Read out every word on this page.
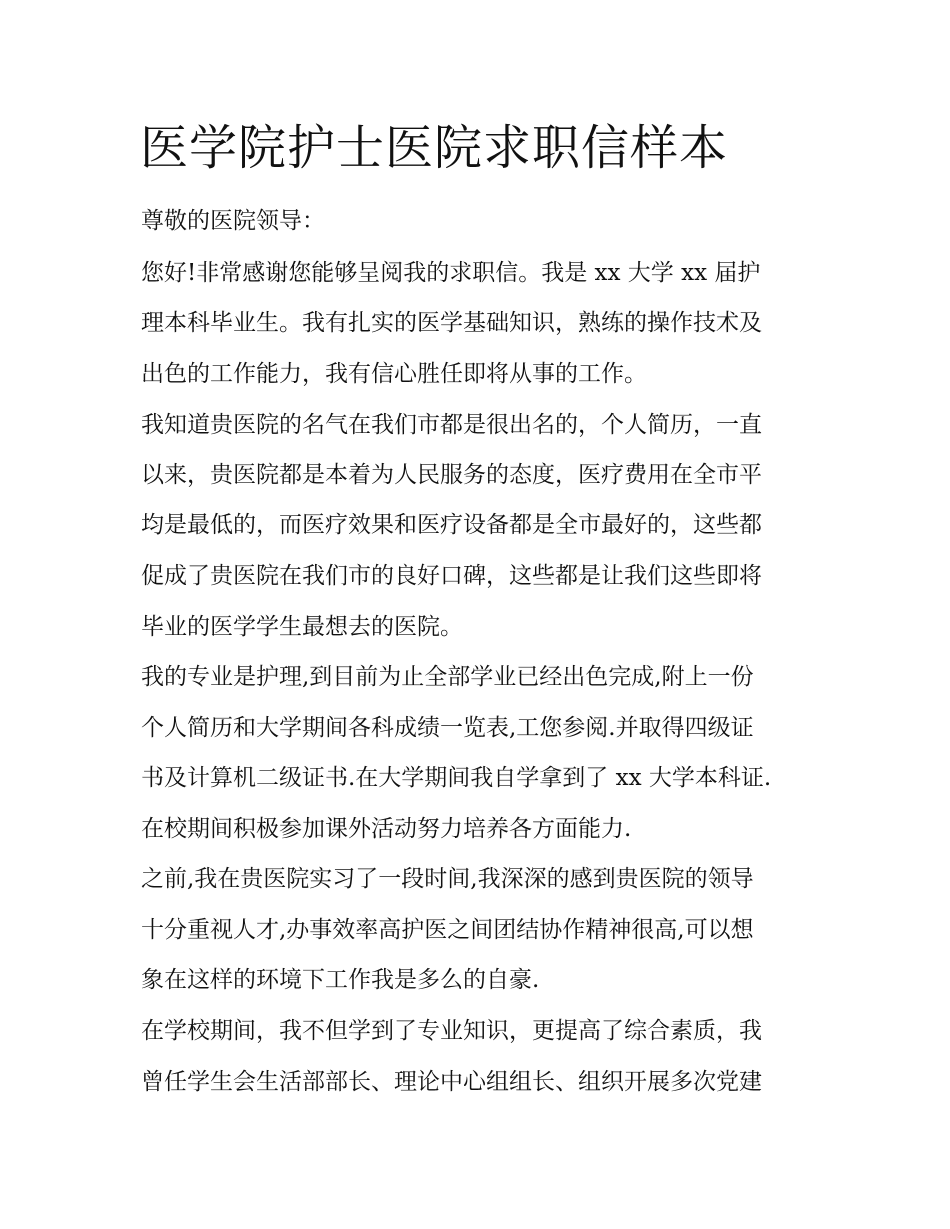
医学院护士医院求职信样本

尊敬的医院领导：

您好!非常感谢您能够呈阅我的求职信。我是 xx 大学 xx 届护

理本科毕业生。我有扎实的医学基础知识，熟练的操作技术及

出色的工作能力，我有信心胜任即将从事的工作。

我知道贵医院的名气在我们市都是很出名的，个人简历，一直

以来，贵医院都是本着为人民服务的态度，医疗费用在全市平

均是最低的，而医疗效果和医疗设备都是全市最好的，这些都

促成了贵医院在我们市的良好口碑，这些都是让我们这些即将

毕业的医学学生最想去的医院。

我的专业是护理,到目前为止全部学业已经出色完成,附上一份

个人简历和大学期间各科成绩一览表,工您参阅.并取得四级证

书及计算机二级证书.在大学期间我自学拿到了 xx 大学本科证.

在校期间积极参加课外活动努力培养各方面能力.

之前,我在贵医院实习了一段时间,我深深的感到贵医院的领导

十分重视人才,办事效率高护医之间团结协作精神很高,可以想

象在这样的环境下工作我是多么的自豪.

在学校期间，我不但学到了专业知识，更提高了综合素质，我

曾任学生会生活部部长、理论中心组组长、组织开展多次党建
